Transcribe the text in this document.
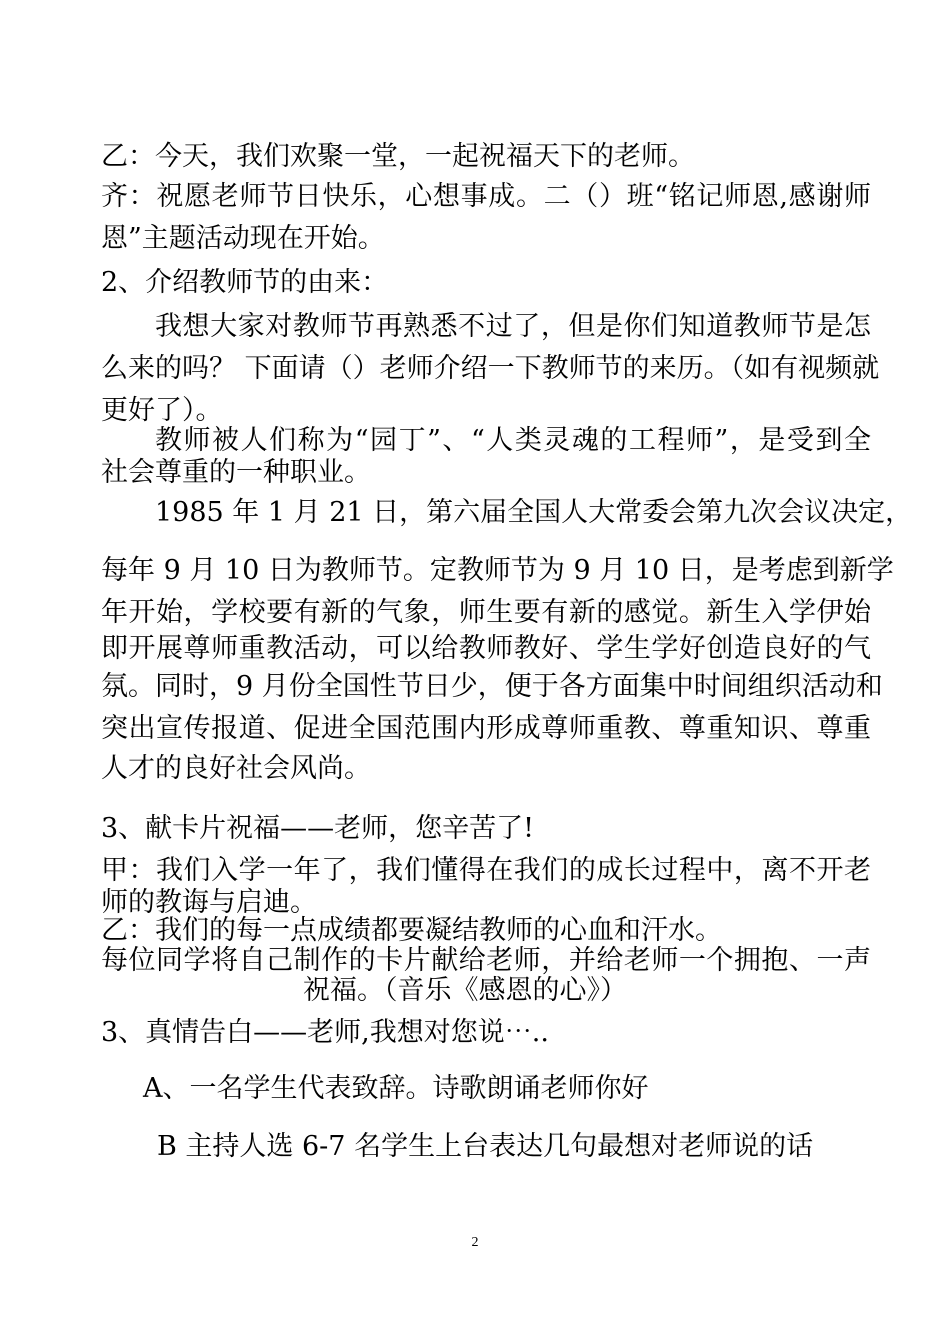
乙：今天，我们欢聚一堂，一起祝福天下的老师。
齐：祝愿老师节日快乐，心想事成。二（）班“铭记师恩,感谢师
恩”主题活动现在开始。
2、介绍教师节的由来：
我想大家对教师节再熟悉不过了，但是你们知道教师节是怎
么来的吗？ 下面请（）老师介绍一下教师节的来历。（如有视频就
更好了）。
教师被人们称为“园丁”、“人类灵魂的工程师”，是受到全
社会尊重的一种职业。
1985 年 1 月 21 日，第六届全国人大常委会第九次会议决定，
每年 9 月 10 日为教师节。定教师节为 9 月 10 日，是考虑到新学
年开始，学校要有新的气象，师生要有新的感觉。新生入学伊始
即开展尊师重教活动，可以给教师教好、学生学好创造良好的气
氛。同时，9 月份全国性节日少，便于各方面集中时间组织活动和
突出宣传报道、促进全国范围内形成尊师重教、尊重知识、尊重
人才的良好社会风尚。
3、献卡片祝福——老师，您辛苦了!
甲：我们入学一年了，我们懂得在我们的成长过程中，离不开老
师的教诲与启迪。
乙：我们的每一点成绩都要凝结教师的心血和汗水。
每位同学将自己制作的卡片献给老师，并给老师一个拥抱、一声
祝福。（音乐《感恩的心》）
3、真情告白——老师,我想对您说⋯..
A、一名学生代表致辞。诗歌朗诵老师你好
B 主持人选 6-7 名学生上台表达几句最想对老师说的话
2
